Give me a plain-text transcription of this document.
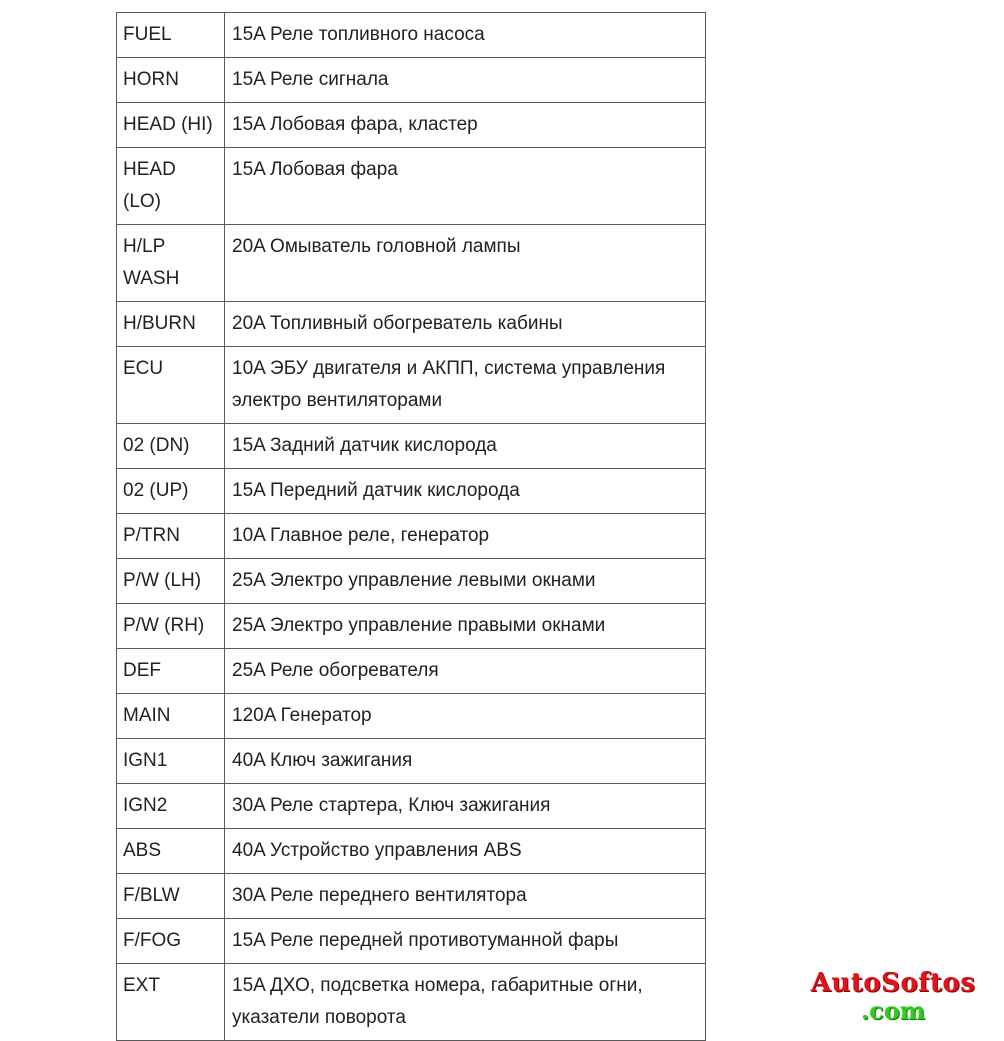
FUEL	15A Реле топливного насоса
HORN	15A Реле сигнала
HEAD (HI)	15A Лобовая фара, кластер
HEAD (LO)	15A Лобовая фара
H/LP WASH	20A Омыватель головной лампы
H/BURN	20A Топливный обогреватель кабины
ECU	10A ЭБУ двигателя и АКПП, система управления электро вентиляторами
02 (DN)	15A Задний датчик кислорода
02 (UP)	15A Передний датчик кислорода
P/TRN	10A Главное реле, генератор
P/W (LH)	25A Электро управление левыми окнами
P/W (RH)	25A Электро управление правыми окнами
DEF	25A Реле обогревателя
MAIN	120A Генератор
IGN1	40A Ключ зажигания
IGN2	30A Реле стартера, Ключ зажигания
ABS	40A Устройство управления ABS
F/BLW	30A Реле переднего вентилятора
F/FOG	15A Реле передней противотуманной фары
EXT	15A ДХО, подсветка номера, габаритные огни, указатели поворота
AutoSoftos
.com
